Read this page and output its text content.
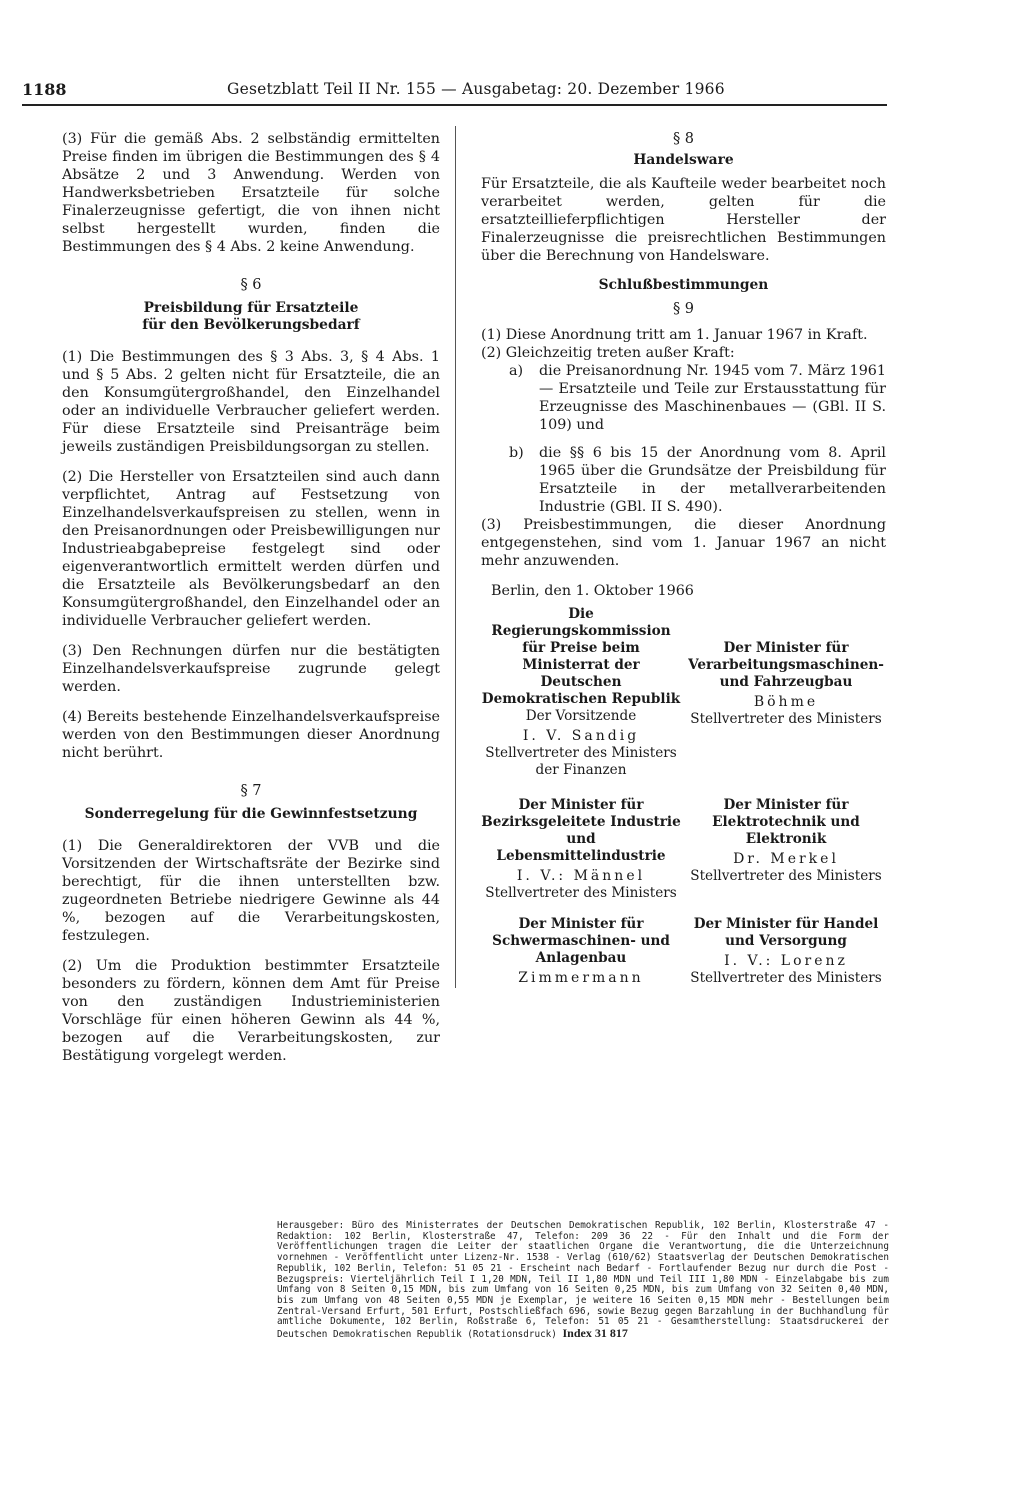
1188	Gesetzblatt Teil II Nr. 155 — Ausgabetag: 20. Dezember 1966

(3) Für die gemäß Abs. 2 selbständig ermittelten Preise finden im übrigen die Bestimmungen des § 4 Absätze 2 und 3 Anwendung. Werden von Handwerksbetrieben Ersatzteile für solche Finalerzeugnisse gefertigt, die von ihnen nicht selbst hergestellt wurden, finden die Bestimmungen des § 4 Abs. 2 keine Anwendung.

§ 6

Preisbildung für Ersatzteile

für den Bevölkerungsbedarf

(1) Die Bestimmungen des § 3 Abs. 3, § 4 Abs. 1 und § 5 Abs. 2 gelten nicht für Ersatzteile, die an den Konsumgütergroßhandel, den Einzelhandel oder an individuelle Verbraucher geliefert werden. Für diese Ersatzteile sind Preisanträge beim jeweils zuständigen Preisbildungsorgan zu stellen.

(2) Die Hersteller von Ersatzteilen sind auch dann verpflichtet, Antrag auf Festsetzung von Einzelhandelsverkaufspreisen zu stellen, wenn in den Preisanordnungen oder Preisbewilligungen nur Industrieabgabepreise festgelegt sind oder eigenverantwortlich ermittelt werden dürfen und die Ersatzteile als Bevölkerungsbedarf an den Konsumgütergroßhandel, den Einzelhandel oder an individuelle Verbraucher geliefert werden.

(3) Den Rechnungen dürfen nur die bestätigten Einzelhandelsverkaufspreise zugrunde gelegt werden.

(4) Bereits bestehende Einzelhandelsverkaufspreise werden von den Bestimmungen dieser Anordnung nicht berührt.

§ 7

Sonderregelung für die Gewinnfestsetzung

(1) Die Generaldirektoren der VVB und die Vorsitzenden der Wirtschaftsräte der Bezirke sind berechtigt, für die ihnen unterstellten bzw. zugeordneten Betriebe niedrigere Gewinne als 44 %, bezogen auf die Verarbeitungskosten, festzulegen.

(2) Um die Produktion bestimmter Ersatzteile besonders zu fördern, können dem Amt für Preise von den zuständigen Industrieministerien Vorschläge für einen höheren Gewinn als 44 %, bezogen auf die Verarbeitungskosten, zur Bestätigung vorgelegt werden.

§ 8

Handelsware

Für Ersatzteile, die als Kaufteile weder bearbeitet noch verarbeitet werden, gelten für die ersatzteillieferpflichtigen Hersteller der Finalerzeugnisse die preisrechtlichen Bestimmungen über die Berechnung von Handelsware.

Schlußbestimmungen

§ 9

(1) Diese Anordnung tritt am 1. Januar 1967 in Kraft.

(2) Gleichzeitig treten außer Kraft:

a)	die Preisanordnung Nr. 1945 vom 7. März 1961 — Ersatzteile und Teile zur Erstausstattung für Erzeugnisse des Maschinenbaues — (GBl. II S. 109) und
b)	die §§ 6 bis 15 der Anordnung vom 8. April 1965 über die Grundsätze der Preisbildung für Ersatzteile in der metallverarbeitenden Industrie (GBl. II S. 490).

(3) Preisbestimmungen, die dieser Anordnung entgegenstehen, sind vom 1. Januar 1967 an nicht mehr anzuwenden.

Berlin, den 1. Oktober 1966

Die Regierungskommission für Preise beim Ministerrat der Deutschen Demokratischen Republik
Der Vorsitzende
I. V. Sandig
Stellvertreter des Ministers der Finanzen
Der Minister für Verarbeitungsmaschinen- und Fahrzeugbau
Böhme
Stellvertreter des Ministers
Der Minister für Bezirksgeleitete Industrie und Lebensmittelindustrie
I. V.: Männel
Stellvertreter des Ministers
Der Minister für Elektrotechnik und Elektronik
Dr. Merkel
Stellvertreter des Ministers
Der Minister für Schwermaschinen- und Anlagenbau
Zimmermann
Der Minister für Handel und Versorgung
I. V.: Lorenz
Stellvertreter des Ministers
Herausgeber: Büro des Ministerrates der Deutschen Demokratischen Republik, 102 Berlin, Klosterstraße 47 - Redaktion: 102 Berlin, Klosterstraße 47, Telefon: 209 36 22 - Für den Inhalt und die Form der Veröffentlichungen tragen die Leiter der staatlichen Organe die Verantwortung, die die Unterzeichnung vornehmen - Veröffentlicht unter Lizenz-Nr. 1538 - Verlag (610/62) Staatsverlag der Deutschen Demokratischen Republik, 102 Berlin, Telefon: 51 05 21 - Erscheint nach Bedarf - Fortlaufender Bezug nur durch die Post - Bezugspreis: Vierteljährlich Teil I 1,20 MDN, Teil II 1,80 MDN und Teil III 1,80 MDN - Einzelabgabe bis zum Umfang von 8 Seiten 0,15 MDN, bis zum Umfang von 16 Seiten 0,25 MDN, bis zum Umfang von 32 Seiten 0,40 MDN, bis zum Umfang von 48 Seiten 0,55 MDN je Exemplar, je weitere 16 Seiten 0,15 MDN mehr - Bestellungen beim Zentral-Versand Erfurt, 501 Erfurt, Postschließfach 696, sowie Bezug gegen Barzahlung in der Buchhandlung für amtliche Dokumente, 102 Berlin, Roßstraße 6, Telefon: 51 05 21 - Gesamtherstellung: Staatsdruckerei der Deutschen Demokratischen Republik (Rotationsdruck) Index 31 817
